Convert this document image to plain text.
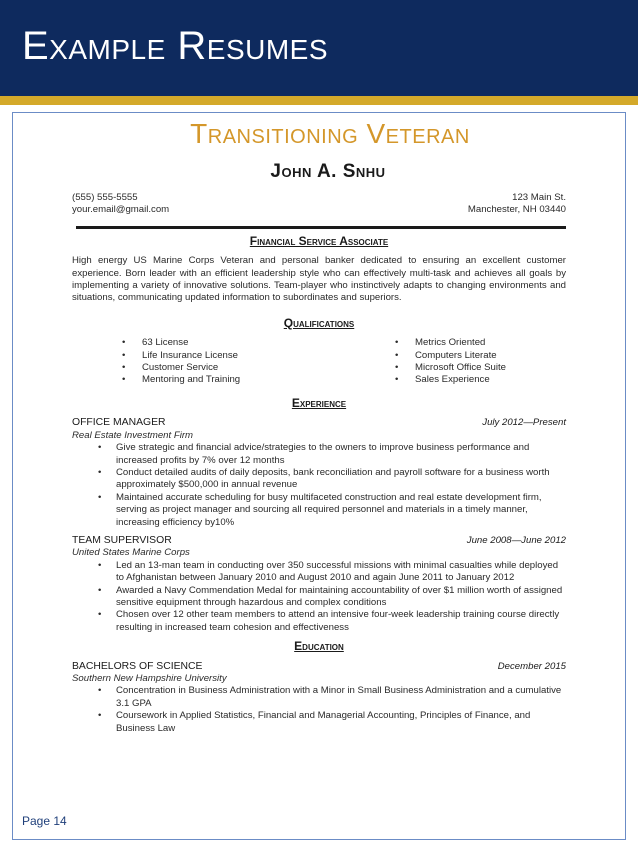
Example Resumes
Transitioning Veteran
John A. Snhu
(555) 555-5555
your.email@gmail.com
123 Main St.
Manchester, NH 03440
Financial Service Associate
High energy US Marine Corps Veteran and personal banker dedicated to ensuring an excellent customer experience. Born leader with an efficient leadership style who can effectively multi-task and achieves all goals by implementing a variety of innovative solutions. Team-player who instinctively adapts to changing environments and situations, communicating updated information to subordinates and superiors.
Qualifications
• 63 License
• Life Insurance License
• Customer Service
• Mentoring and Training
• Metrics Oriented
• Computers Literate
• Microsoft Office Suite
• Sales Experience
Experience
OFFICE MANAGER	July 2012—Present
Real Estate Investment Firm
• Give strategic and financial advice/strategies to the owners to improve business performance and increased profits by 7% over 12 months
• Conduct detailed audits of daily deposits, bank reconciliation and payroll software for a business worth approximately $500,000 in annual revenue
• Maintained accurate scheduling for busy multifaceted construction and real estate development firm, serving as project manager and sourcing all required personnel and materials in a timely manner, increasing efficiency by10%
TEAM SUPERVISOR	June 2008—June 2012
United States Marine Corps
• Led an 13-man team in conducting over 350 successful missions with minimal casualties while deployed to Afghanistan between January 2010 and August 2010 and again June 2011 to January 2012
• Awarded a Navy Commendation Medal for maintaining accountability of over $1 million worth of assigned sensitive equipment through hazardous and complex conditions
• Chosen over 12 other team members to attend an intensive four-week leadership training course directly resulting in increased team cohesion and effectiveness
Education
BACHELORS OF SCIENCE	December 2015
Southern New Hampshire University
• Concentration in Business Administration with a Minor in Small Business Administration and a cumulative 3.1 GPA
• Coursework in Applied Statistics, Financial and Managerial Accounting, Principles of Finance, and Business Law
Page 14
